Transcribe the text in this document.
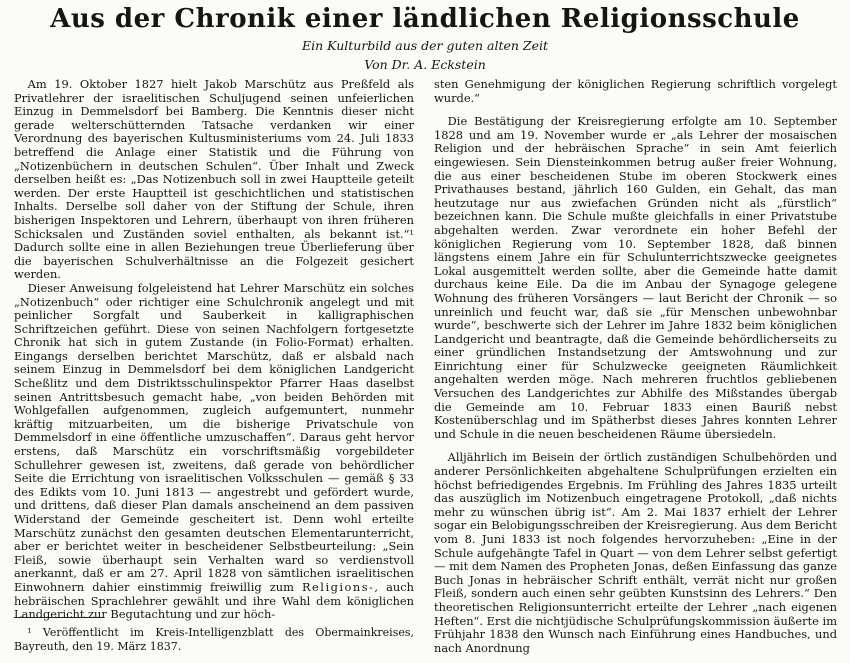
Aus der Chronik einer ländlichen Religionsschule
Ein Kulturbild aus der guten alten Zeit
Von Dr. A. Eckstein

Am 19. Oktober 1827 hielt Jakob Marschütz aus Preßfeld als Privatlehrer der israelitischen Schuljugend seinen unfeierlichen Einzug in Demmelsdorf bei Bamberg. Die Kenntnis dieser nicht gerade welterschütternden Tatsache verdanken wir einer Verordnung des bayerischen Kultusministeriums vom 24. Juli 1833 betreffend die Anlage einer Statistik und die Führung von „Notizenbüchern in deutschen Schulen“. Über Inhalt und Zweck derselben heißt es: „Das Notizenbuch soll in zwei Hauptteile geteilt werden. Der erste Hauptteil ist geschichtlichen und statistischen Inhalts. Derselbe soll daher von der Stiftung der Schule, ihren bisherigen Inspektoren und Lehrern, überhaupt von ihren früheren Schicksalen und Zuständen soviel enthalten, als bekannt ist.“¹ Dadurch sollte eine in allen Beziehungen treue Überlieferung über die bayerischen Schulverhältnisse an die Folgezeit gesichert werden.

Dieser Anweisung folgeleistend hat Lehrer Marschütz ein solches „Notizenbuch“ oder richtiger eine Schulchronik angelegt und mit peinlicher Sorgfalt und Sauberkeit in kalligraphischen Schriftzeichen geführt. Diese von seinen Nachfolgern fortgesetzte Chronik hat sich in gutem Zustande (in Folio-Format) erhalten. Eingangs derselben berichtet Marschütz, daß er alsbald nach seinem Einzug in Demmelsdorf bei dem königlichen Landgericht Scheßlitz und dem Distriktsschulinspektor Pfarrer Haas daselbst seinen Antrittsbesuch gemacht habe, „von beiden Behörden mit Wohlgefallen aufgenommen, zugleich aufgemuntert, nunmehr kräftig mitzuarbeiten, um die bisherige Privatschule von Demmelsdorf in eine öffentliche umzuschaffen“. Daraus geht hervor erstens, daß Marschütz ein vorschriftsmäßig vorgebildeter Schullehrer gewesen ist, zweitens, daß gerade von behördlicher Seite die Errichtung von israelitischen Volksschulen — gemäß § 33 des Edikts vom 10. Juni 1813 — angestrebt und gefördert wurde, und drittens, daß dieser Plan damals anscheinend an dem passiven Widerstand der Gemeinde gescheitert ist. Denn wohl erteilte Marschütz zunächst den gesamten deutschen Elementarunterricht, aber er berichtet weiter in bescheidener Selbstbeurteilung: „Sein Fleiß, sowie überhaupt sein Verhalten ward so verdienstvoll anerkannt, daß er am 27. April 1828 von sämtlichen israelitischen Einwohnern dahier einstimmig freiwillig zum Religions-, auch hebräischen Sprachlehrer gewählt und ihre Wahl dem königlichen Landgericht zur Begutachtung und zur höch-

sten Genehmigung der königlichen Regierung schriftlich vorgelegt wurde.“

Die Bestätigung der Kreisregierung erfolgte am 10. September 1828 und am 19. November wurde er „als Lehrer der mosaischen Religion und der hebräischen Sprache“ in sein Amt feierlich eingewiesen. Sein Diensteinkommen betrug außer freier Wohnung, die aus einer bescheidenen Stube im oberen Stockwerk eines Privathauses bestand, jährlich 160 Gulden, ein Gehalt, das man heutzutage nur aus zwiefachen Gründen nicht als „fürstlich“ bezeichnen kann. Die Schule mußte gleichfalls in einer Privatstube abgehalten werden. Zwar verordnete ein hoher Befehl der königlichen Regierung vom 10. September 1828, daß binnen längstens einem Jahre ein für Schulunterrichtszwecke geeignetes Lokal ausgemittelt werden sollte, aber die Gemeinde hatte damit durchaus keine Eile. Da die im Anbau der Synagoge gelegene Wohnung des früheren Vorsängers — laut Bericht der Chronik — so unreinlich und feucht war, daß sie „für Menschen unbewohnbar wurde“, beschwerte sich der Lehrer im Jahre 1832 beim königlichen Landgericht und beantragte, daß die Gemeinde behördlicherseits zu einer gründlichen Instandsetzung der Amtswohnung und zur Einrichtung einer für Schulzwecke geeigneten Räumlichkeit angehalten werden möge. Nach mehreren fruchtlos gebliebenen Versuchen des Landgerichtes zur Abhilfe des Mißstandes übergab die Gemeinde am 10. Februar 1833 einen Bauriß nebst Kostenüberschlag und im Spätherbst dieses Jahres konnten Lehrer und Schule in die neuen bescheidenen Räume übersiedeln.

Alljährlich im Beisein der örtlich zuständigen Schulbehörden und anderer Persönlichkeiten abgehaltene Schulprüfungen erzielten ein höchst befriedigendes Ergebnis. Im Frühling des Jahres 1835 urteilt das auszüglich im Notizenbuch eingetragene Protokoll, „daß nichts mehr zu wünschen übrig ist“. Am 2. Mai 1837 erhielt der Lehrer sogar ein Belobigungsschreiben der Kreisregierung. Aus dem Bericht vom 8. Juni 1833 ist noch folgendes hervorzuheben: „Eine in der Schule aufgehängte Tafel in Quart — von dem Lehrer selbst gefertigt — mit dem Namen des Propheten Jonas, deßen Einfassung das ganze Buch Jonas in hebräischer Schrift enthält, verrät nicht nur großen Fleiß, sondern auch einen sehr geübten Kunstsinn des Lehrers.“ Den theoretischen Religionsunterricht erteilte der Lehrer „nach eigenen Heften“. Erst die nichtjüdische Schulprüfungskommission äußerte im Frühjahr 1838 den Wunsch nach Einführung eines Handbuches, und nach Anordnung

¹ Veröffentlicht im Kreis-Intelligenzblatt des Obermainkreises, Bayreuth, den 19. März 1837.
